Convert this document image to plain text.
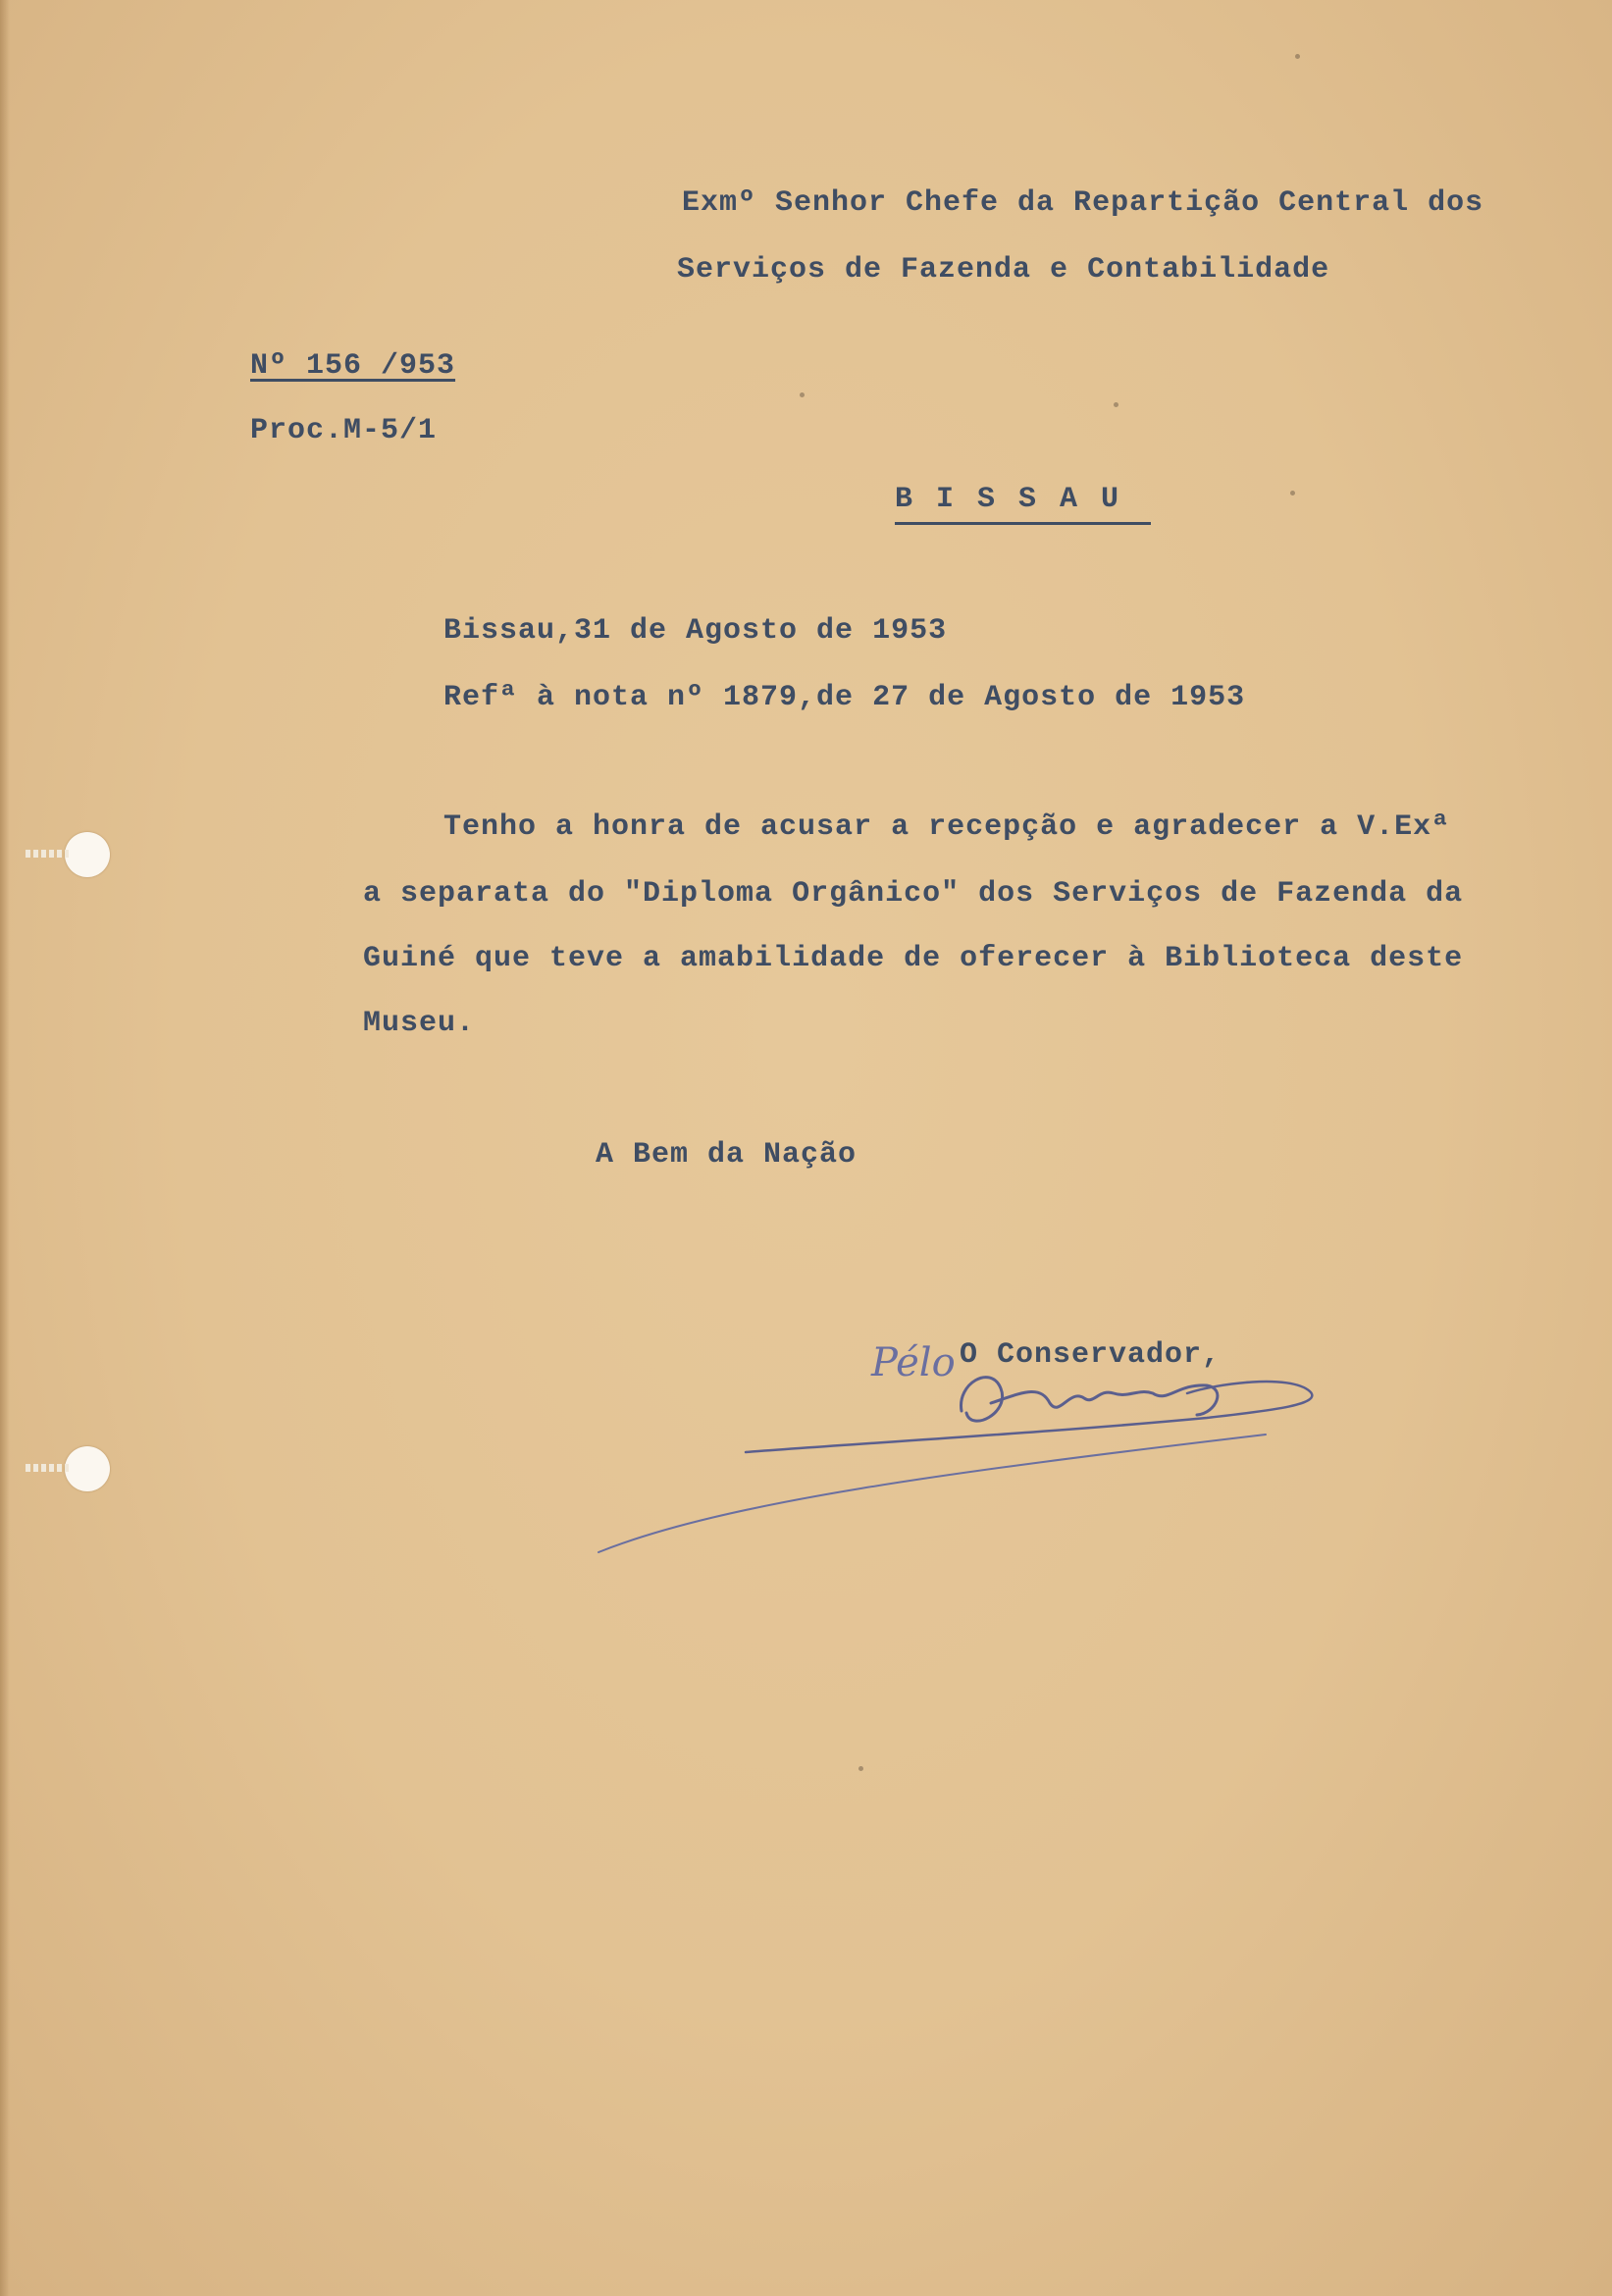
Exmº Senhor Chefe da Repartição Central dos
Serviços de Fazenda e Contabilidade
Nº 156 /953
Proc.M-5/1
B I S S A U
Bissau,31 de Agosto de 1953
Refª à nota nº 1879,de 27 de Agosto de 1953
Tenho a honra de acusar a recepção e agradecer a V.Exª
a separata do "Diploma Orgânico" dos Serviços de Fazenda da
Guiné que teve a amabilidade de oferecer à Biblioteca deste
Museu.
A Bem da Nação
O Conservador,
Pélo
